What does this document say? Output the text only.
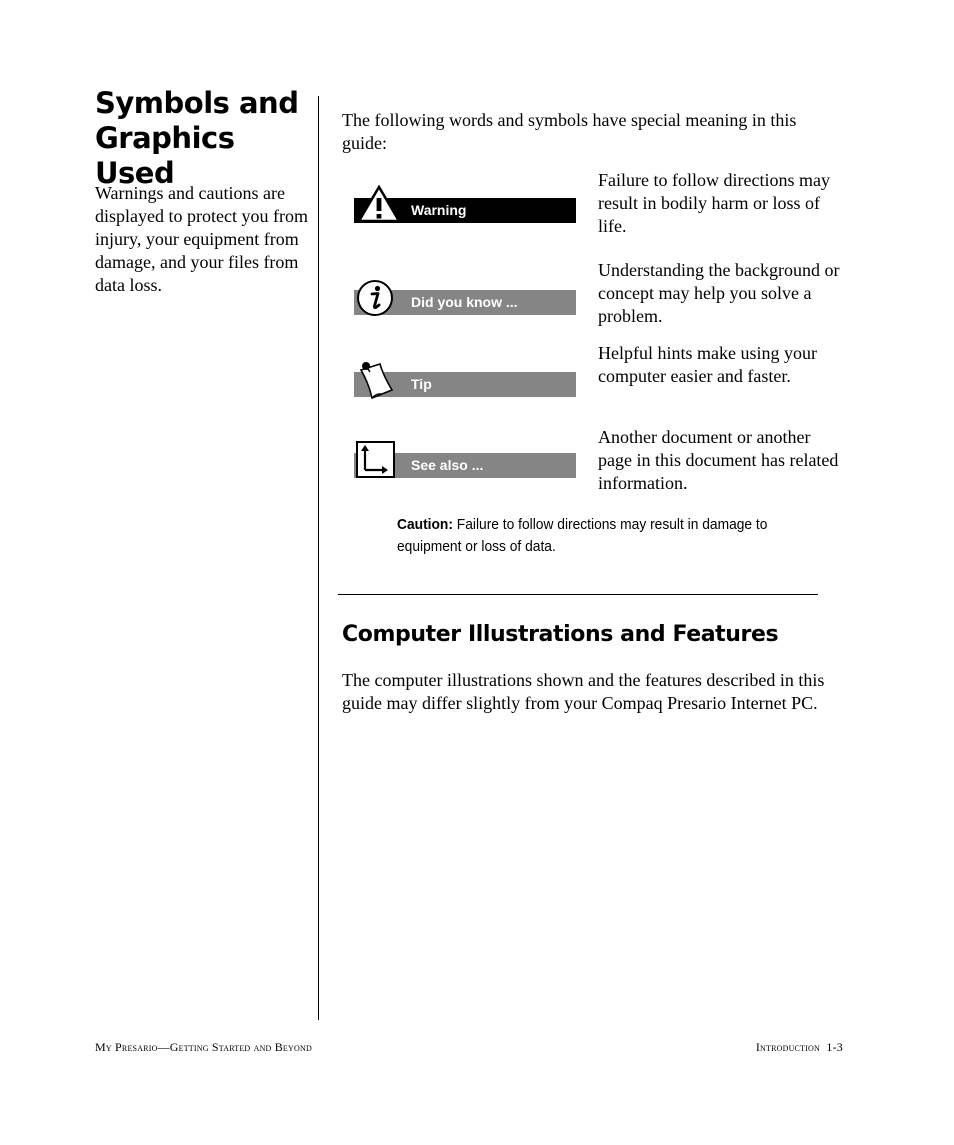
Symbols and Graphics Used
Warnings and cautions are displayed to protect you from injury, your equipment from damage, and your files from data loss.
The following words and symbols have special meaning in this guide:
Warning
Failure to follow directions may result in bodily harm or loss of life.
Did you know ...
Understanding the background or concept may help you solve a problem.
Tip
Helpful hints make using your computer easier and faster.
See also ...
Another document or another page in this document has related information.
Caution: Failure to follow directions may result in damage to equipment or loss of data.
Computer Illustrations and Features
The computer illustrations shown and the features described in this guide may differ slightly from your Compaq Presario Internet PC.
My Presario—Getting Started and Beyond	Introduction  1-3
